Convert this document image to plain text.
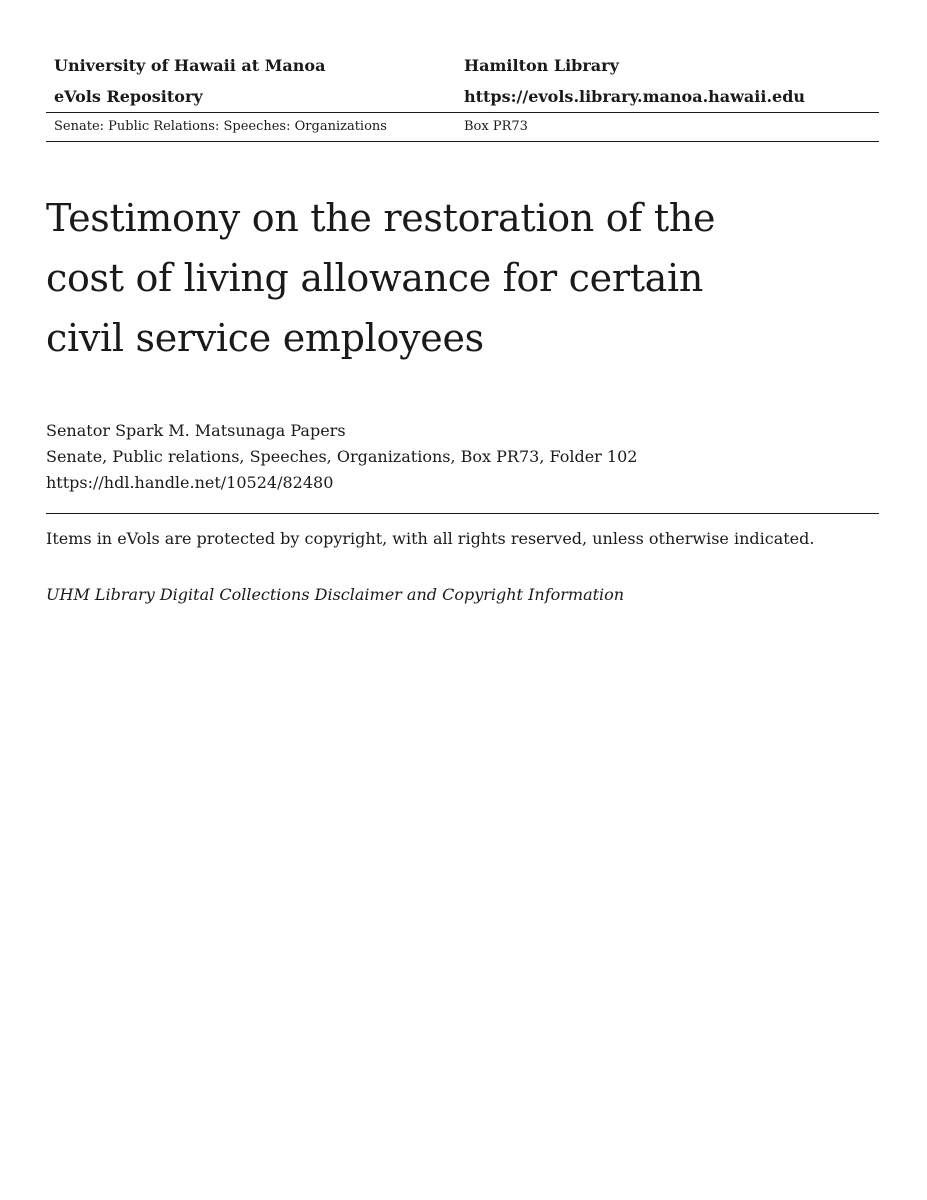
University of Hawaii at Manoa	Hamilton Library
eVols Repository	https://evols.library.manoa.hawaii.edu
Senate: Public Relations: Speeches: Organizations	Box PR73
Testimony on the restoration of the
cost of living allowance for certain
civil service employees
Senator Spark M. Matsunaga Papers
Senate, Public relations, Speeches, Organizations, Box PR73, Folder 102
https://hdl.handle.net/10524/82480
Items in eVols are protected by copyright, with all rights reserved, unless otherwise indicated.
UHM Library Digital Collections Disclaimer and Copyright Information
